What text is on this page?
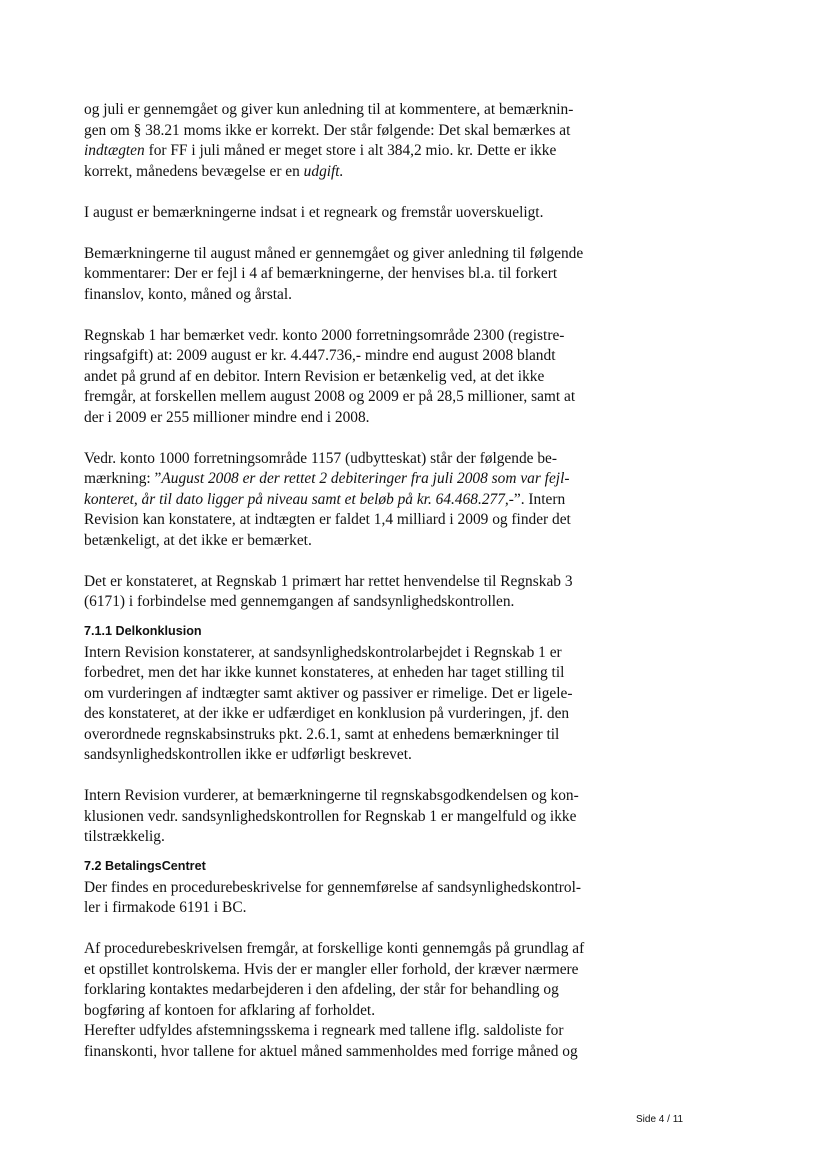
og juli er gennemgået og giver kun anledning til at kommentere, at bemærknin-
gen om § 38.21 moms ikke er korrekt. Der står følgende: Det skal bemærkes at
indtægten for FF i juli måned er meget store i alt 384,2 mio. kr. Dette er ikke
korrekt, månedens bevægelse er en udgift.

I august er bemærkningerne indsat i et regneark og fremstår uoverskueligt.

Bemærkningerne til august måned er gennemgået og giver anledning til følgende
kommentarer: Der er fejl i 4 af bemærkningerne, der henvises bl.a. til forkert
finanslov, konto, måned og årstal.

Regnskab 1 har bemærket vedr. konto 2000 forretningsområde 2300 (registre-
ringsafgift) at: 2009 august er kr. 4.447.736,- mindre end august 2008 blandt
andet på grund af en debitor. Intern Revision er betænkelig ved, at det ikke
fremgår, at forskellen mellem august 2008 og 2009 er på 28,5 millioner, samt at
der i 2009 er 255 millioner mindre end i 2008.

Vedr. konto 1000 forretningsområde 1157 (udbytteskat) står der følgende be-
mærkning: ”August 2008 er der rettet 2 debiteringer fra juli 2008 som var fejl-
konteret, år til dato ligger på niveau samt et beløb på kr. 64.468.277,-”. Intern
Revision kan konstatere, at indtægten er faldet 1,4 milliard i 2009 og finder det
betænkeligt, at det ikke er bemærket.

Det er konstateret, at Regnskab 1 primært har rettet henvendelse til Regnskab 3
(6171) i forbindelse med gennemgangen af sandsynlighedskontrollen.

7.1.1 Delkonklusion

Intern Revision konstaterer, at sandsynlighedskontrolarbejdet i Regnskab 1 er
forbedret, men det har ikke kunnet konstateres, at enheden har taget stilling til
om vurderingen af indtægter samt aktiver og passiver er rimelige. Det er ligele-
des konstateret, at der ikke er udfærdiget en konklusion på vurderingen, jf. den
overordnede regnskabsinstruks pkt. 2.6.1, samt at enhedens bemærkninger til
sandsynlighedskontrollen ikke er udførligt beskrevet.

Intern Revision vurderer, at bemærkningerne til regnskabsgodkendelsen og kon-
klusionen vedr. sandsynlighedskontrollen for Regnskab 1 er mangelfuld og ikke
tilstrækkelig.

7.2 BetalingsCentret

Der findes en procedurebeskrivelse for gennemførelse af sandsynlighedskontrol-
ler i firmakode 6191 i BC.

Af procedurebeskrivelsen fremgår, at forskellige konti gennemgås på grundlag af
et opstillet kontrolskema. Hvis der er mangler eller forhold, der kræver nærmere
forklaring kontaktes medarbejderen i den afdeling, der står for behandling og
bogføring af kontoen for afklaring af forholdet.
Herefter udfyldes afstemningsskema i regneark med tallene iflg. saldoliste for
finanskonti, hvor tallene for aktuel måned sammenholdes med forrige måned og

Side 4 / 11
